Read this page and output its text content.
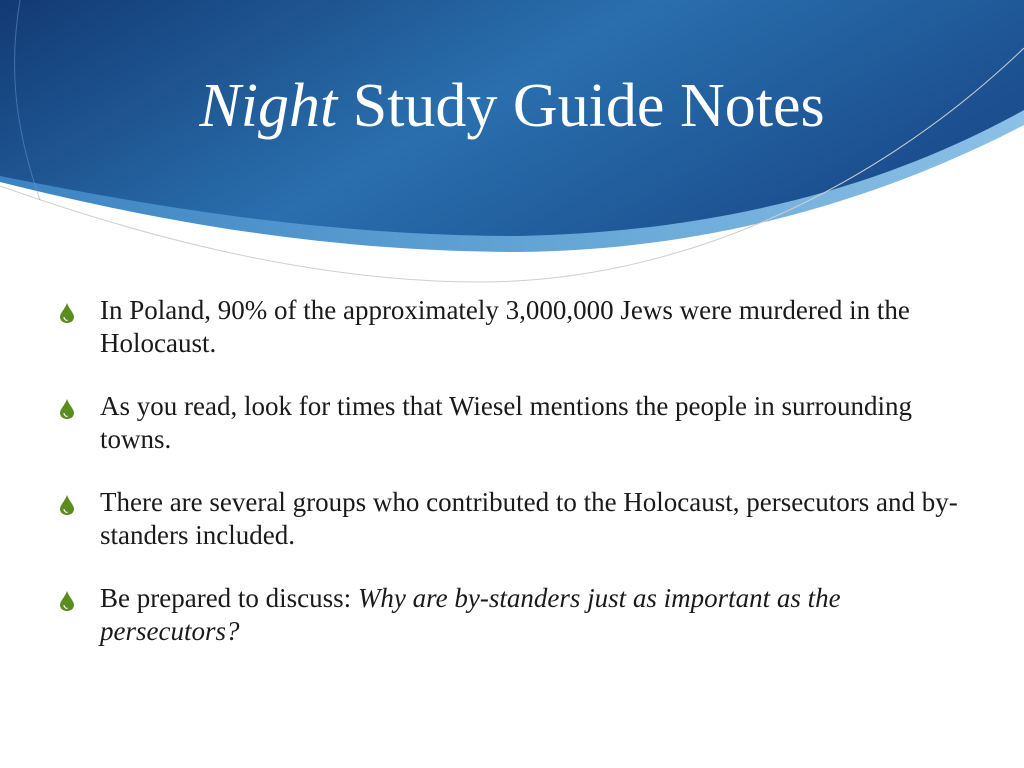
Night Study Guide Notes
In Poland, 90% of the approximately 3,000,000 Jews were murdered in the Holocaust.
As you read, look for times that Wiesel mentions the people in surrounding towns.
There are several groups who contributed to the Holocaust, persecutors and by-standers included.
Be prepared to discuss: Why are by-standers just as important as the persecutors?
